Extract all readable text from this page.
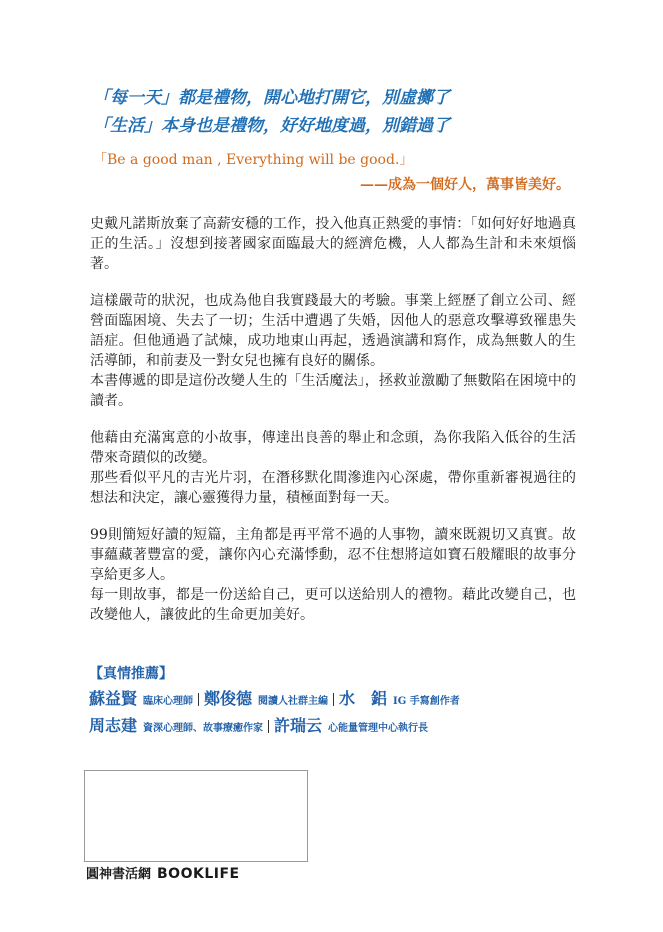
「每一天」都是禮物，開心地打開它，別虛擲了
「生活」本身也是禮物，好好地度過，別錯過了
「Be a good man , Everything will be good.」
——成為一個好人，萬事皆美好。

史戴凡諾斯放棄了高薪安穩的工作，投入他真正熱愛的事情：「如何好好地過真正的生活。」沒想到接著國家面臨最大的經濟危機，人人都為生計和未來煩惱著。

這樣嚴苛的狀況，也成為他自我實踐最大的考驗。事業上經歷了創立公司、經營面臨困境、失去了一切；生活中遭遇了失婚，因他人的惡意攻擊導致罹患失語症。但他通過了試煉，成功地東山再起，透過演講和寫作，成為無數人的生活導師，和前妻及一對女兒也擁有良好的關係。

本書傳遞的即是這份改變人生的「生活魔法」，拯救並激勵了無數陷在困境中的讀者。

他藉由充滿寓意的小故事，傳達出良善的舉止和念頭，為你我陷入低谷的生活帶來奇蹟似的改變。

那些看似平凡的吉光片羽，在潛移默化間滲進內心深處，帶你重新審視過往的想法和決定，讓心靈獲得力量，積極面對每一天。

99則簡短好讀的短篇，主角都是再平常不過的人事物，讀來既親切又真實。故事蘊藏著豐富的愛，讓你內心充滿悸動，忍不住想將這如寶石般耀眼的故事分享給更多人。

每一則故事，都是一份送給自己，更可以送給別人的禮物。藉此改變自己，也改變他人，讓彼此的生命更加美好。

【真情推薦】
蘇益賢 臨床心理師 鄭俊德 閱讀人社群主編 水　鋁 IG 手寫創作者
周志建 資深心理師、故事療癒作家 許瑞云 心能量管理中心執行長
圓神書活網 BOOKLIFE
